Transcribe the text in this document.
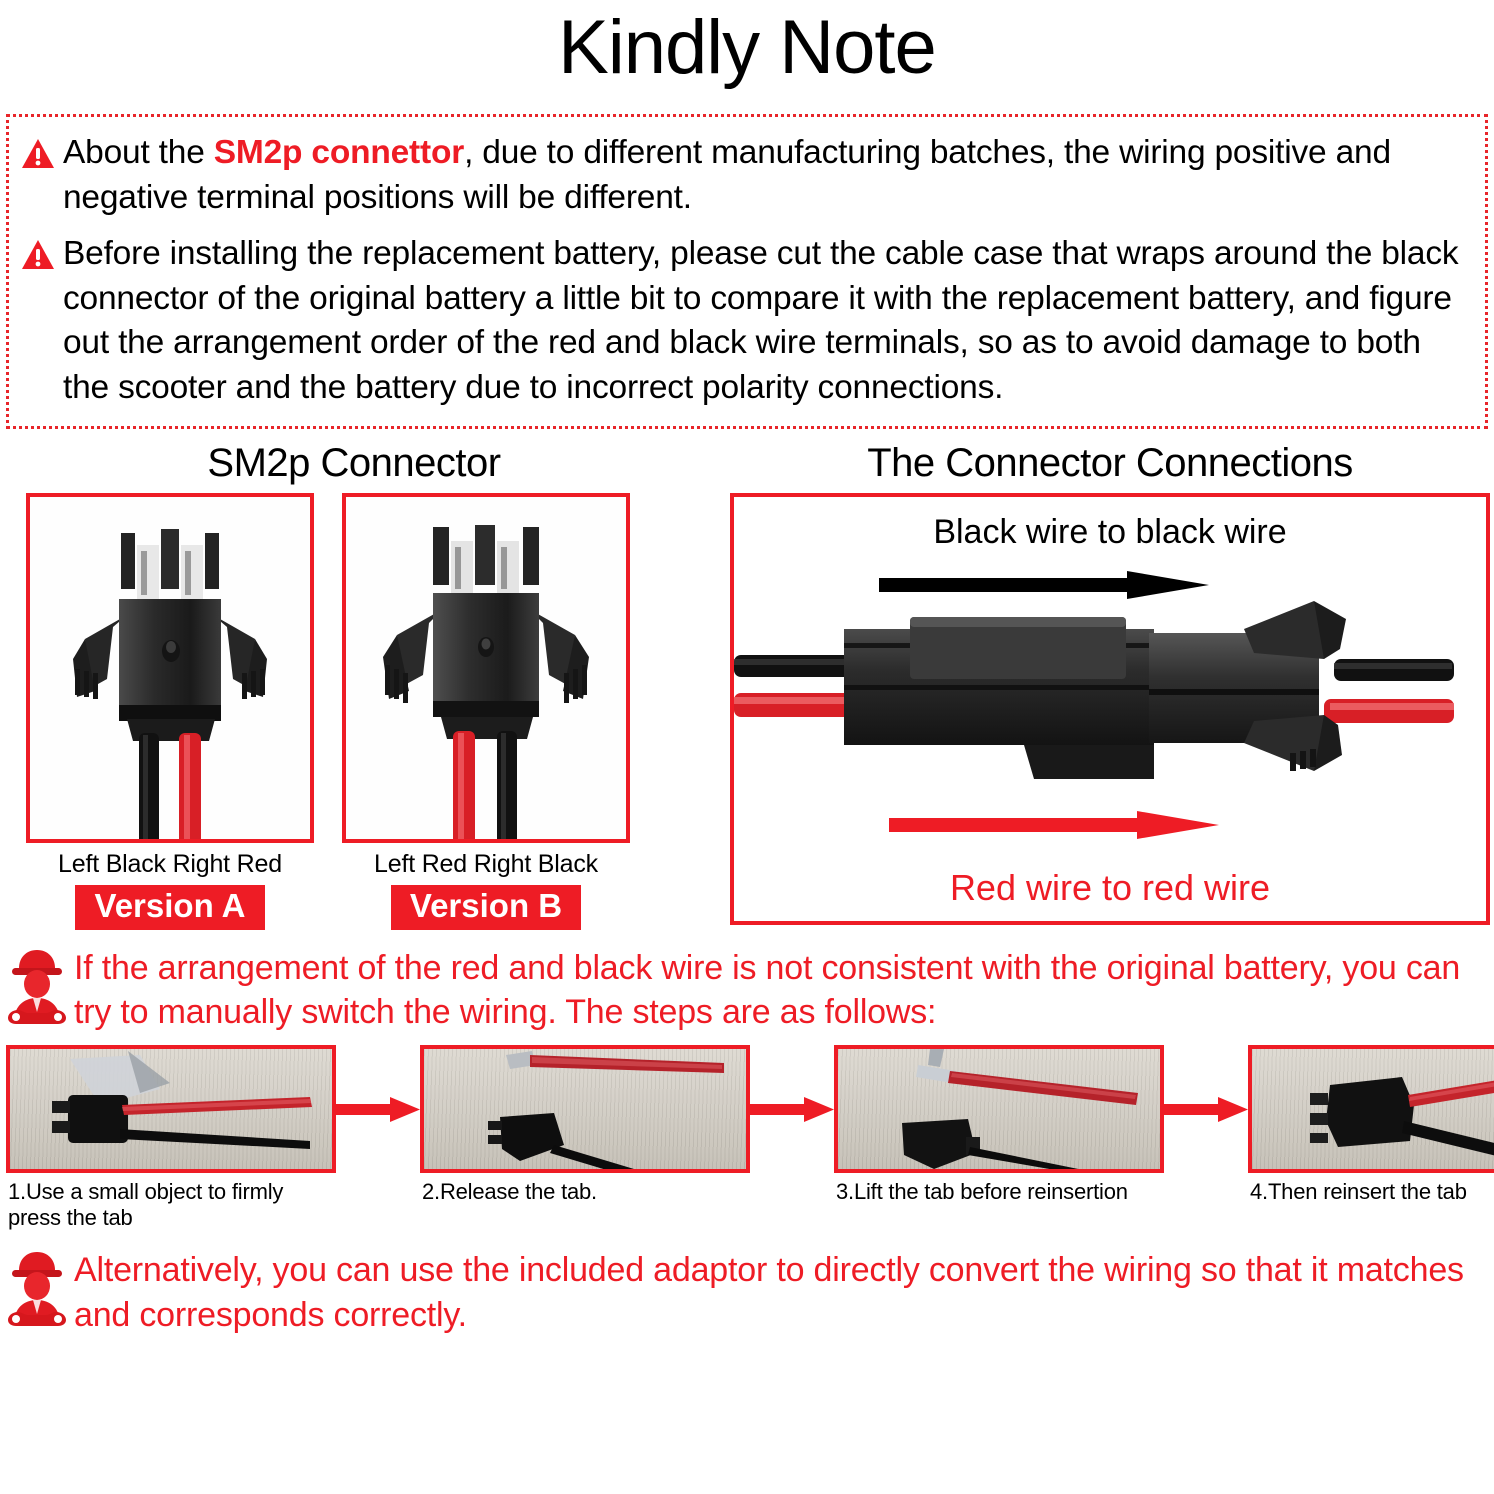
Kindly Note
About the SM2p connettor, due to different manufacturing batches, the wiring positive and negative terminal positions will be different.
Before installing the replacement battery, please cut the cable case that wraps around the black connector of the original battery a little bit to compare it with the replacement battery, and figure out the arrangement order of the red and black wire terminals, so as to avoid damage to both the scooter and the battery due to incorrect polarity connections.
SM2p Connector
Left Black Right Red
Version A
Left Red Right Black
Version B
The Connector Connections
Black wire to black wire
Red wire to red wire
If the arrangement of the red and black wire is not consistent with the original battery, you can try to manually switch the wiring. The steps are as follows:
1.Use a small object to firmly press the tab
2.Release the tab.	3.Lift the tab before reinsertion	4.Then reinsert the tab
Alternatively, you can use the included adaptor to directly convert the wiring so that it matches and corresponds correctly.
